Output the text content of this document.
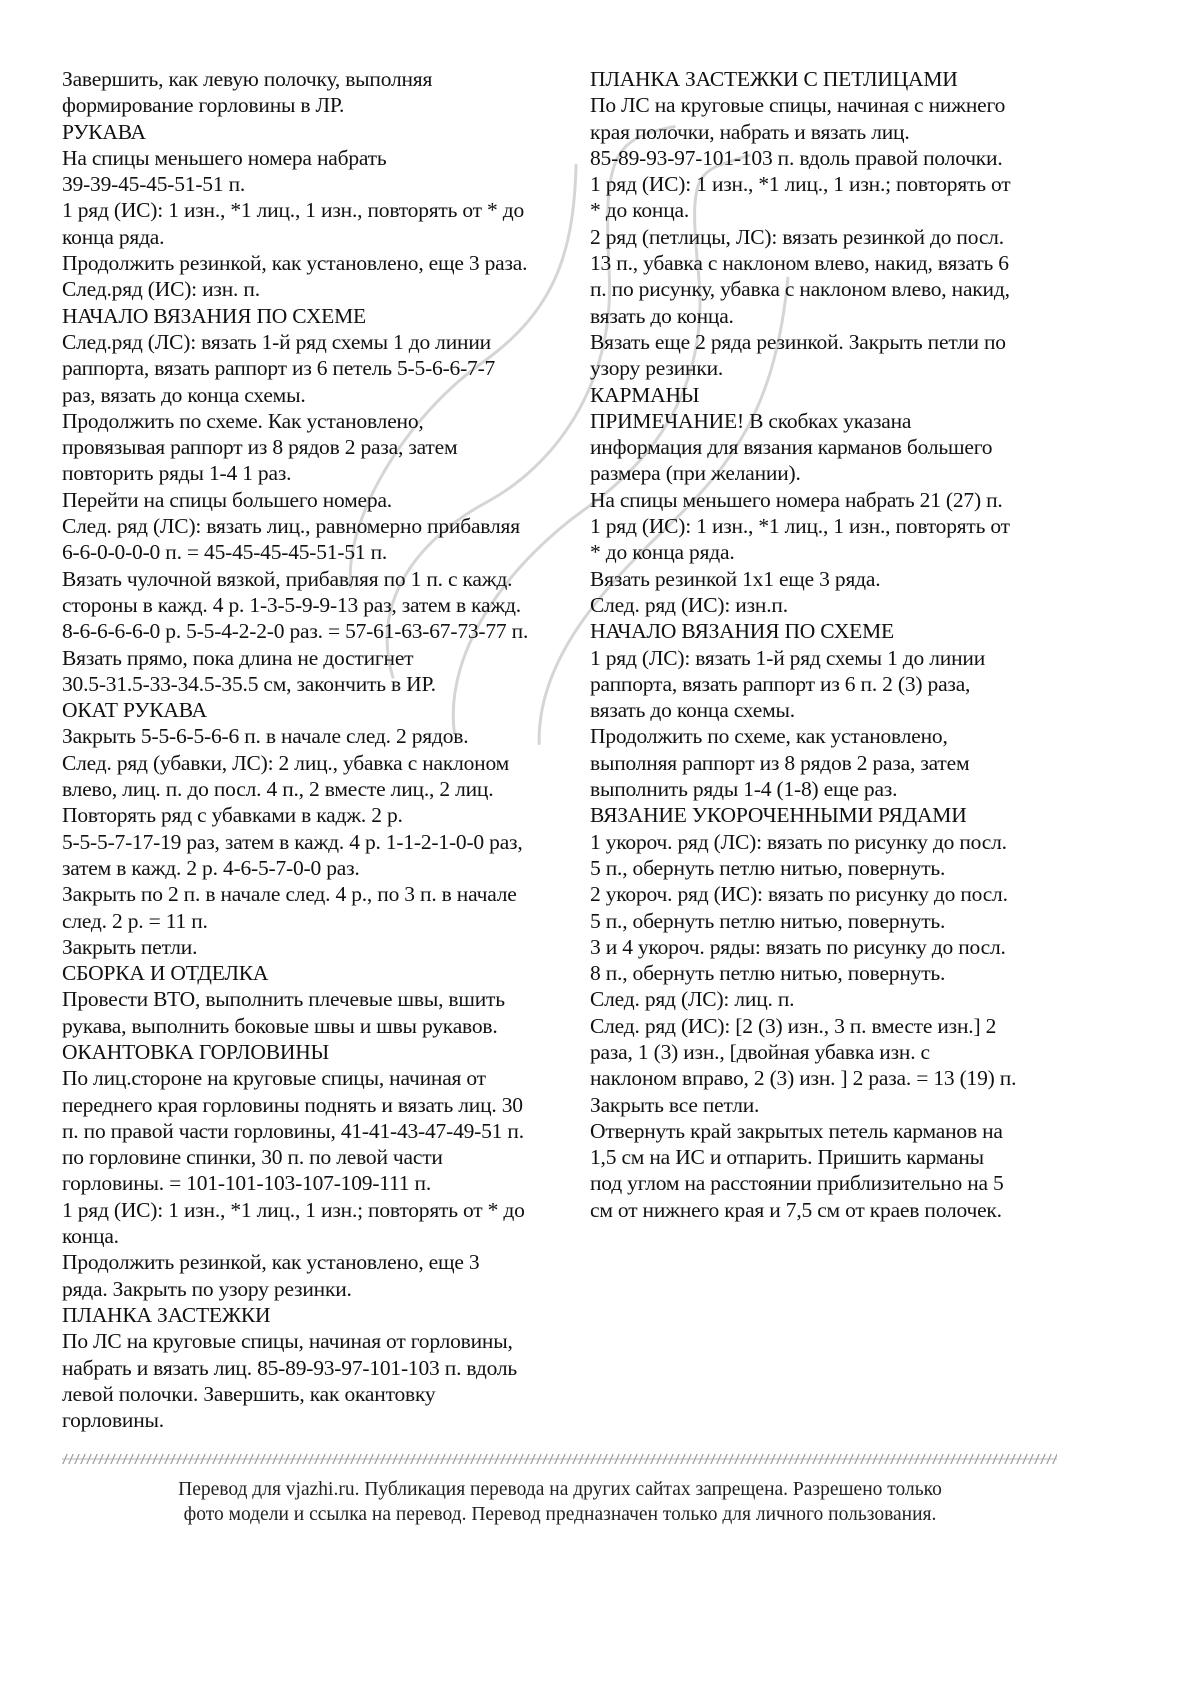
Завершить, как левую полочку, выполняя

формирование горловины в ЛР.

РУКАВА

На спицы меньшего номера набрать

39-39-45-45-51-51 п.

1 ряд (ИС): 1 изн., *1 лиц., 1 изн., повторять от * до

конца ряда.

Продолжить резинкой, как установлено, еще 3 раза.

След.ряд (ИС): изн. п.

НАЧАЛО ВЯЗАНИЯ ПО СХЕМЕ

След.ряд (ЛС): вязать 1-й ряд схемы 1 до линии

раппорта, вязать раппорт из 6 петель 5-5-6-6-7-7

раз, вязать до конца схемы.

Продолжить по схеме. Как установлено,

провязывая раппорт из 8 рядов 2 раза, затем

повторить ряды 1-4 1 раз.

Перейти на спицы большего номера.

След. ряд (ЛС): вязать лиц., равномерно прибавляя

6-6-0-0-0-0 п. = 45-45-45-45-51-51 п.

Вязать чулочной вязкой, прибавляя по 1 п. с кажд.

стороны в кажд. 4 р. 1-3-5-9-9-13 раз, затем в кажд.

8-6-6-6-6-0 р. 5-5-4-2-2-0 раз. = 57-61-63-67-73-77 п.

Вязать прямо, пока длина не достигнет

30.5-31.5-33-34.5-35.5 см, закончить в ИР.

ОКАТ РУКАВА

Закрыть 5-5-6-5-6-6 п. в начале след. 2 рядов.

След. ряд (убавки, ЛС): 2 лиц., убавка с наклоном

влево, лиц. п. до посл. 4 п., 2 вместе лиц., 2 лиц.

Повторять ряд с убавками в кадж. 2 р.

5-5-5-7-17-19 раз, затем в кажд. 4 р. 1-1-2-1-0-0 раз,

затем в кажд. 2 р. 4-6-5-7-0-0 раз.

Закрыть по 2 п. в начале след. 4 р., по 3 п. в начале

след. 2 р. = 11 п.

Закрыть петли.

СБОРКА И ОТДЕЛКА

Провести ВТО, выполнить плечевые швы, вшить

рукава, выполнить боковые швы и швы рукавов.

ОКАНТОВКА ГОРЛОВИНЫ

По лиц.стороне на круговые спицы, начиная от

переднего края горловины поднять и вязать лиц. 30

п. по правой части горловины, 41-41-43-47-49-51 п.

по горловине спинки, 30 п. по левой части

горловины. = 101-101-103-107-109-111 п.

1 ряд (ИС): 1 изн., *1 лиц., 1 изн.; повторять от * до

конца.

Продолжить резинкой, как установлено, еще 3

ряда. Закрыть по узору резинки.

ПЛАНКА ЗАСТЕЖКИ

По ЛС на круговые спицы, начиная от горловины,

набрать и вязать лиц. 85-89-93-97-101-103 п. вдоль

левой полочки. Завершить, как окантовку

горловины.

ПЛАНКА ЗАСТЕЖКИ С ПЕТЛИЦАМИ

По ЛС на круговые спицы, начиная с нижнего

края полочки, набрать и вязать лиц.

85-89-93-97-101-103 п. вдоль правой полочки.

1 ряд (ИС): 1 изн., *1 лиц., 1 изн.; повторять от

* до конца.

2 ряд (петлицы, ЛС): вязать резинкой до посл.

13 п., убавка с наклоном влево, накид, вязать 6

п. по рисунку, убавка с наклоном влево, накид,

вязать до конца.

Вязать еще 2 ряда резинкой. Закрыть петли по

узору резинки.

КАРМАНЫ

ПРИМЕЧАНИЕ! В скобках указана

информация для вязания карманов большего

размера (при желании).

На спицы меньшего номера набрать 21 (27) п.

1 ряд (ИС): 1 изн., *1 лиц., 1 изн., повторять от

* до конца ряда.

Вязать резинкой 1х1 еще 3 ряда.

След. ряд (ИС): изн.п.

НАЧАЛО ВЯЗАНИЯ ПО СХЕМЕ

1 ряд (ЛС): вязать 1-й ряд схемы 1 до линии

раппорта, вязать раппорт из 6 п. 2 (3) раза,

вязать до конца схемы.

Продолжить по схеме, как установлено,

выполняя раппорт из 8 рядов 2 раза, затем

выполнить ряды 1-4 (1-8) еще раз.

ВЯЗАНИЕ УКОРОЧЕННЫМИ РЯДАМИ

1 укороч. ряд (ЛС): вязать по рисунку до посл.

5 п., обернуть петлю нитью, повернуть.

2 укороч. ряд (ИС): вязать по рисунку до посл.

5 п., обернуть петлю нитью, повернуть.

3 и 4 укороч. ряды: вязать по рисунку до посл.

8 п., обернуть петлю нитью, повернуть.

След. ряд (ЛС): лиц. п.

След. ряд (ИС): [2 (3) изн., 3 п. вместе изн.] 2

раза, 1 (3) изн., [двойная убавка изн. с

наклоном вправо, 2 (3) изн. ] 2 раза. = 13 (19) п.

Закрыть все петли.

Отвернуть край закрытых петель карманов на

1,5 см на ИС и отпарить. Пришить карманы

под углом на расстоянии приблизительно на 5

см от нижнего края и 7,5 см от краев полочек.

Перевод для vjazhi.ru. Публикация перевода на других сайтах запрещена. Разрешено только
фото модели и ссылка на перевод. Перевод предназначен только для личного пользования.
